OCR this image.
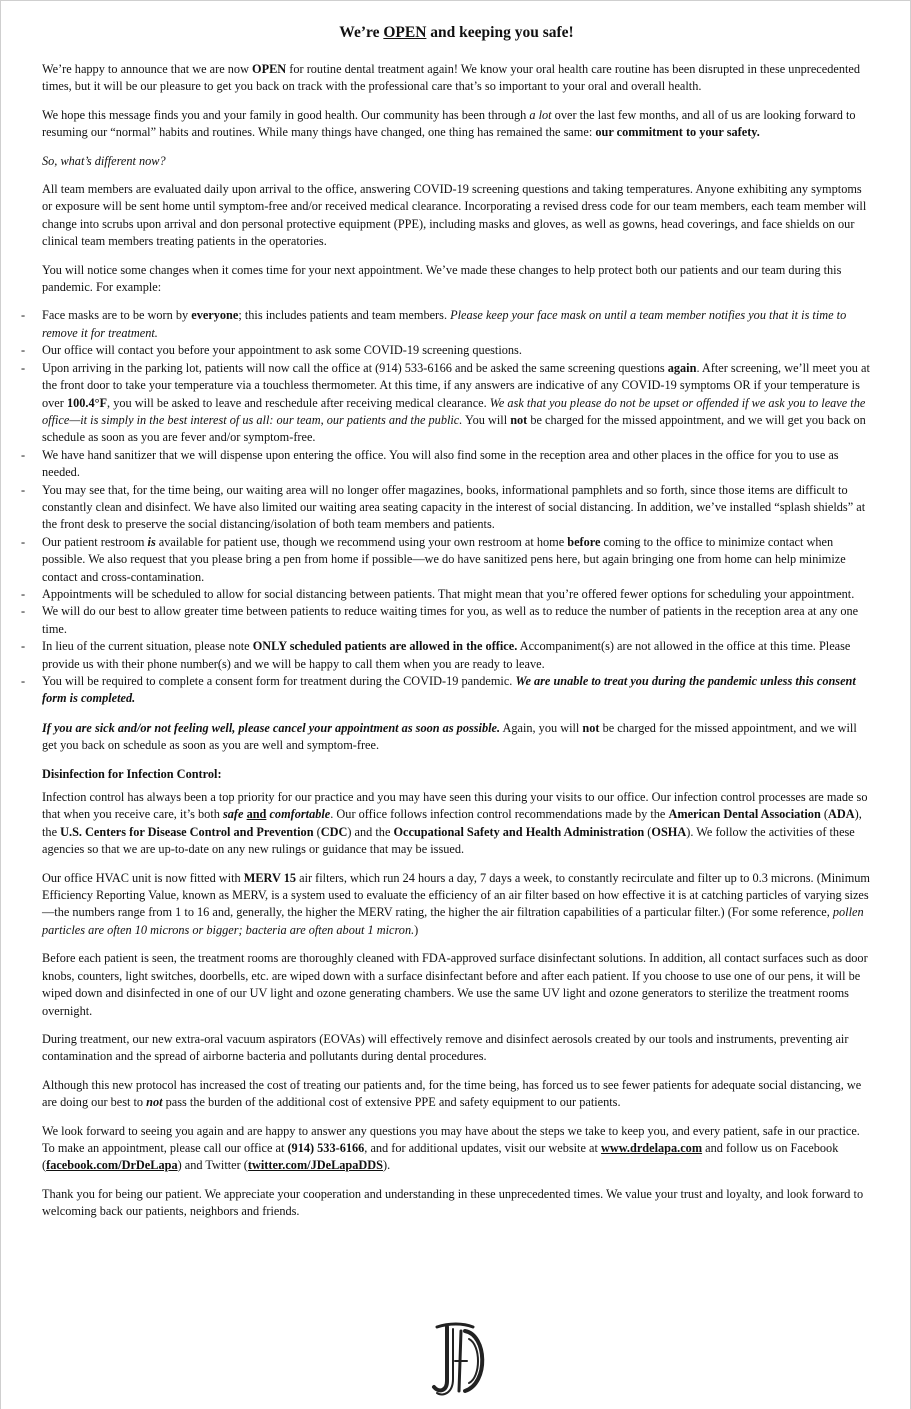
We’re OPEN and keeping you safe!

We’re happy to announce that we are now OPEN for routine dental treatment again! We know your oral health care routine has been disrupted in these unprecedented times, but it will be our pleasure to get you back on track with the professional care that’s so important to your oral and overall health.

We hope this message finds you and your family in good health. Our community has been through a lot over the last few months, and all of us are looking forward to resuming our “normal” habits and routines. While many things have changed, one thing has remained the same: our commitment to your safety.

So, what’s different now?

All team members are evaluated daily upon arrival to the office, answering COVID-19 screening questions and taking temperatures. Anyone exhibiting any symptoms or exposure will be sent home until symptom-free and/or received medical clearance. Incorporating a revised dress code for our team members, each team member will change into scrubs upon arrival and don personal protective equipment (PPE), including masks and gloves, as well as gowns, head coverings, and face shields on our clinical team members treating patients in the operatories.

You will notice some changes when it comes time for your next appointment. We’ve made these changes to help protect both our patients and our team during this pandemic. For example:

- Face masks are to be worn by everyone; this includes patients and team members. Please keep your face mask on until a team member notifies you that it is time to remove it for treatment.
- Our office will contact you before your appointment to ask some COVID-19 screening questions.
- Upon arriving in the parking lot, patients will now call the office at (914) 533-6166 and be asked the same screening questions again. After screening, we’ll meet you at the front door to take your temperature via a touchless thermometer. At this time, if any answers are indicative of any COVID-19 symptoms OR if your temperature is over 100.4°F, you will be asked to leave and reschedule after receiving medical clearance. We ask that you please do not be upset or offended if we ask you to leave the office—it is simply in the best interest of us all: our team, our patients and the public. You will not be charged for the missed appointment, and we will get you back on schedule as soon as you are fever and/or symptom-free.
- We have hand sanitizer that we will dispense upon entering the office. You will also find some in the reception area and other places in the office for you to use as needed.
- You may see that, for the time being, our waiting area will no longer offer magazines, books, informational pamphlets and so forth, since those items are difficult to constantly clean and disinfect. We have also limited our waiting area seating capacity in the interest of social distancing. In addition, we’ve installed “splash shields” at the front desk to preserve the social distancing/isolation of both team members and patients.
- Our patient restroom is available for patient use, though we recommend using your own restroom at home before coming to the office to minimize contact when possible. We also request that you please bring a pen from home if possible—we do have sanitized pens here, but again bringing one from home can help minimize contact and cross-contamination.
- Appointments will be scheduled to allow for social distancing between patients. That might mean that you’re offered fewer options for scheduling your appointment.
- We will do our best to allow greater time between patients to reduce waiting times for you, as well as to reduce the number of patients in the reception area at any one time.
- In lieu of the current situation, please note ONLY scheduled patients are allowed in the office. Accompaniment(s) are not allowed in the office at this time. Please provide us with their phone number(s) and we will be happy to call them when you are ready to leave.
- You will be required to complete a consent form for treatment during the COVID-19 pandemic. We are unable to treat you during the pandemic unless this consent form is completed.

If you are sick and/or not feeling well, please cancel your appointment as soon as possible. Again, you will not be charged for the missed appointment, and we will get you back on schedule as soon as you are well and symptom-free.

Disinfection for Infection Control:

Infection control has always been a top priority for our practice and you may have seen this during your visits to our office. Our infection control processes are made so that when you receive care, it’s both safe and comfortable. Our office follows infection control recommendations made by the American Dental Association (ADA), the U.S. Centers for Disease Control and Prevention (CDC) and the Occupational Safety and Health Administration (OSHA). We follow the activities of these agencies so that we are up-to-date on any new rulings or guidance that may be issued.

Our office HVAC unit is now fitted with MERV 15 air filters, which run 24 hours a day, 7 days a week, to constantly recirculate and filter up to 0.3 microns. (Minimum Efficiency Reporting Value, known as MERV, is a system used to evaluate the efficiency of an air filter based on how effective it is at catching particles of varying sizes—the numbers range from 1 to 16 and, generally, the higher the MERV rating, the higher the air filtration capabilities of a particular filter.) (For some reference, pollen particles are often 10 microns or bigger; bacteria are often about 1 micron.)

Before each patient is seen, the treatment rooms are thoroughly cleaned with FDA-approved surface disinfectant solutions. In addition, all contact surfaces such as door knobs, counters, light switches, doorbells, etc. are wiped down with a surface disinfectant before and after each patient. If you choose to use one of our pens, it will be wiped down and disinfected in one of our UV light and ozone generating chambers. We use the same UV light and ozone generators to sterilize the treatment rooms overnight.

During treatment, our new extra-oral vacuum aspirators (EOVAs) will effectively remove and disinfect aerosols created by our tools and instruments, preventing air contamination and the spread of airborne bacteria and pollutants during dental procedures.

Although this new protocol has increased the cost of treating our patients and, for the time being, has forced us to see fewer patients for adequate social distancing, we are doing our best to not pass the burden of the additional cost of extensive PPE and safety equipment to our patients.

We look forward to seeing you again and are happy to answer any questions you may have about the steps we take to keep you, and every patient, safe in our practice. To make an appointment, please call our office at (914) 533-6166, and for additional updates, visit our website at www.drdelapa.com and follow us on Facebook (facebook.com/DrDeLapa) and Twitter (twitter.com/JDeLapaDDS).

Thank you for being our patient. We appreciate your cooperation and understanding in these unprecedented times. We value your trust and loyalty, and look forward to welcoming back our patients, neighbors and friends.
